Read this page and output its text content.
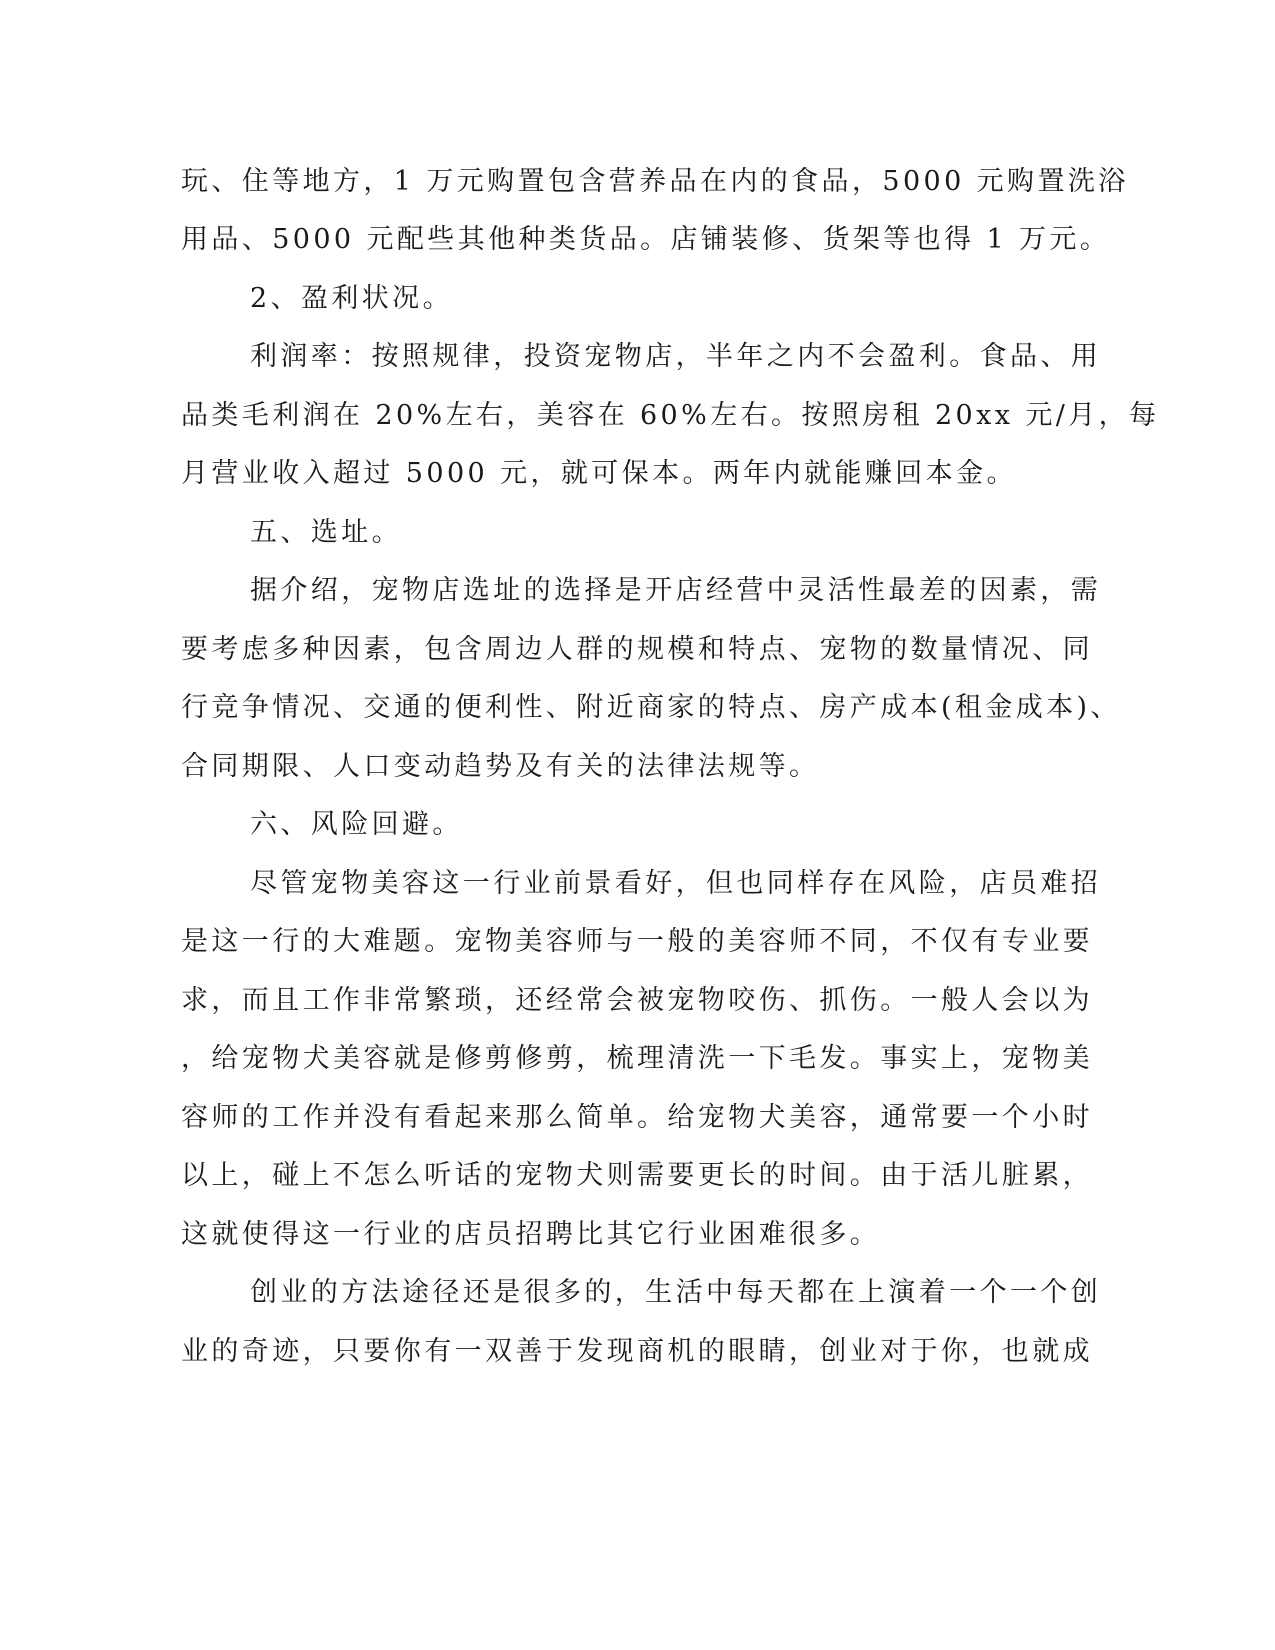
玩、住等地方，1 万元购置包含营养品在内的食品，5000 元购置洗浴
用品、5000 元配些其他种类货品。店铺装修、货架等也得 1 万元。
2、盈利状况。
利润率：按照规律，投资宠物店，半年之内不会盈利。食品、用
品类毛利润在 20%左右，美容在 60%左右。按照房租 20xx 元/月，每
月营业收入超过 5000 元，就可保本。两年内就能赚回本金。
五、选址。
据介绍，宠物店选址的选择是开店经营中灵活性最差的因素，需
要考虑多种因素，包含周边人群的规模和特点、宠物的数量情况、同
行竞争情况、交通的便利性、附近商家的特点、房产成本(租金成本)、
合同期限、人口变动趋势及有关的法律法规等。
六、风险回避。
尽管宠物美容这一行业前景看好，但也同样存在风险，店员难招
是这一行的大难题。宠物美容师与一般的美容师不同，不仅有专业要
求，而且工作非常繁琐，还经常会被宠物咬伤、抓伤。一般人会以为
，给宠物犬美容就是修剪修剪，梳理清洗一下毛发。事实上，宠物美
容师的工作并没有看起来那么简单。给宠物犬美容，通常要一个小时
以上，碰上不怎么听话的宠物犬则需要更长的时间。由于活儿脏累，
这就使得这一行业的店员招聘比其它行业困难很多。
创业的方法途径还是很多的，生活中每天都在上演着一个一个创
业的奇迹，只要你有一双善于发现商机的眼睛，创业对于你，也就成
